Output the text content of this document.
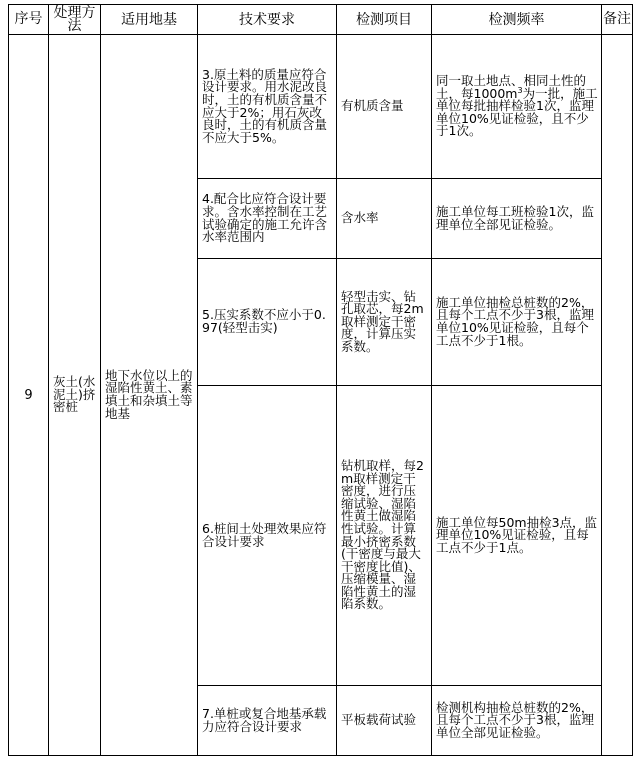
序号	处理方法	适用地基	技术要求	检测项目	检测频率	备注
9	灰土(水泥土)挤密桩	地下水位以上的湿陷性黄土、素填土和杂填土等地基	3.原土料的质量应符合设计要求。用水泥改良时，土的有机质含量不应大于2%；用石灰改良时，土的有机质含量不应大于5%。	有机质含量	同一取土地点、相同土性的土，每$1000m^3$为一批，施工单位每批抽样检验1次，监理单位10%见证检验，且不少于1次。	
			4.配合比应符合设计要求。含水率控制在工艺试验确定的施工允许含水率范围内	含水率	施工单位每工班检验1次，监理单位全部见证检验。	
			5.压实系数不应小于0.97(轻型击实)	轻型击实、钻孔取芯，每2m取样测定干密度，计算压实系数。	施工单位抽检总桩数的2%，且每个工点不少于3根，监理单位10%见证检验，且每个工点不少于1根。	
			6.桩间土处理效果应符合设计要求	钻机取样，每2m取样测定干密度，进行压缩试验、湿陷性黄土做湿陷性试验。计算最小挤密系数(干密度与最大干密度比值)、压缩模量、湿陷性黄土的湿陷系数。	施工单位每50m抽检3点，监理单位10%见证检验，且每工点不少于1点。	
			7.单桩或复合地基承载力应符合设计要求	平板载荷试验	检测机构抽检总桩数的2%，且每个工点不少于3根，监理单位全部见证检验。	
